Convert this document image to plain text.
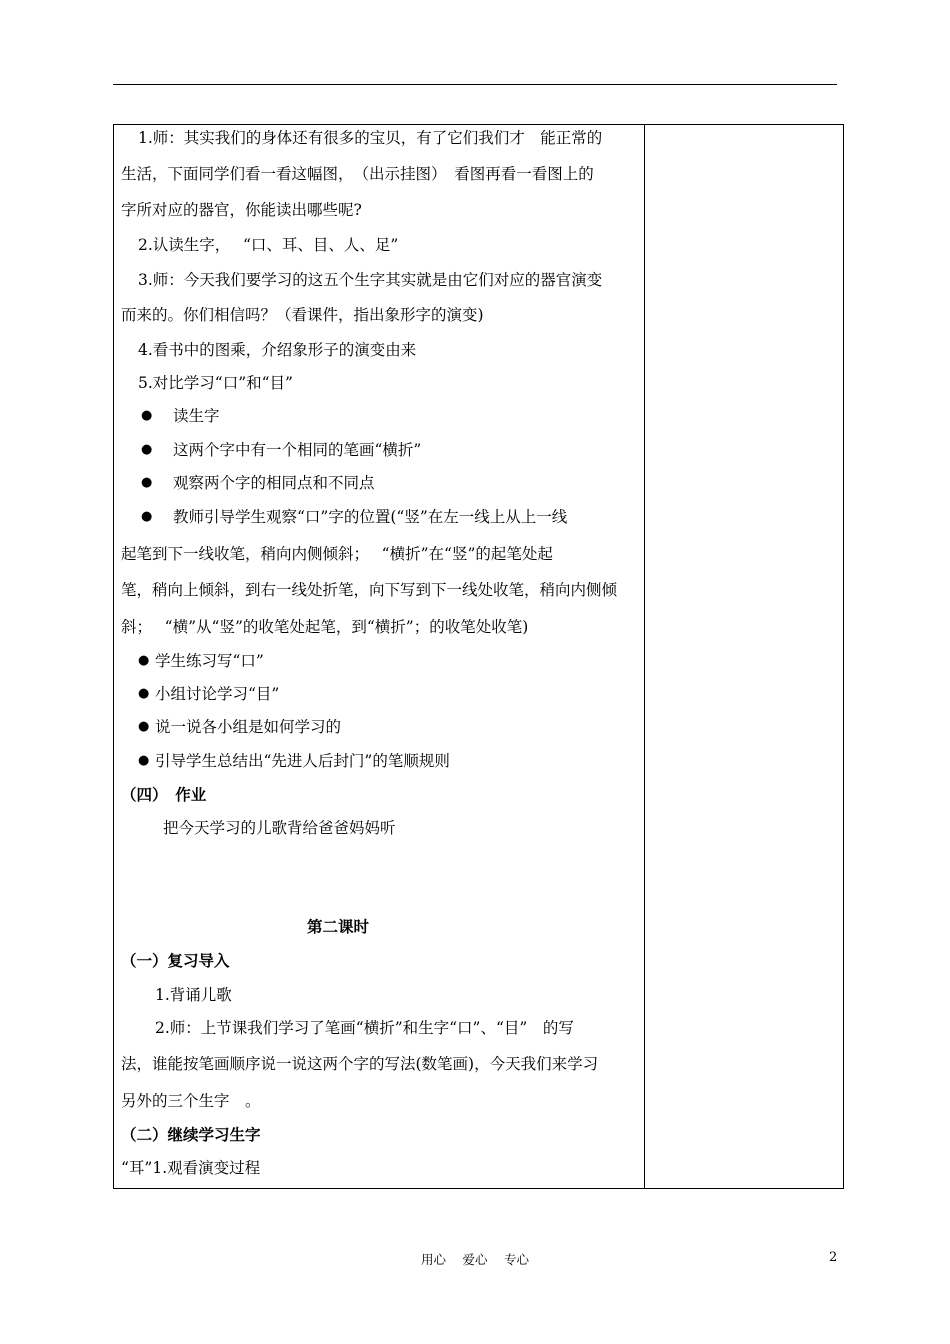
1.师：其实我们的身体还有很多的宝贝，有了它们我们才　能正常的
生活，下面同学们看一看这幅图，　（出示挂图）　看图再看一看图上的
字所对应的器官，你能读出哪些呢?
2.认读生字，　 “口、耳、目、人、足”
3.师：今天我们要学习的这五个生字其实就是由它们对应的器官演变
而来的。你们相信吗？（看课件，指出象形字的演变)
4.看书中的图乘，介绍象形子的演变由来
5.对比学习“口”和“目”
● 读生字
● 这两个字中有一个相同的笔画“横折”
● 观察两个字的相同点和不同点
● 教师引导学生观察“口”字的位置(“竖”在左一线上从上一线
起笔到下一线收笔，稍向内侧倾斜；　 “横折”在“竖”的起笔处起
笔，稍向上倾斜，到右一线处折笔，向下写到下一线处收笔，稍向内侧倾
斜；　 “横”从“竖”的收笔处起笔，到“横折”；的收笔处收笔)
● 学生练习写“口”
● 小组讨论学习“目”
● 说一说各小组是如何学习的
● 引导学生总结出“先进人后封门”的笔顺规则
（四）　作业
把今天学习的儿歌背给爸爸妈妈听
第二课时
（一）复习导入
1.背诵儿歌
2.师：上节课我们学习了笔画“横折”和生字“口”、“目”　的写
法，谁能按笔画顺序说一说这两个字的写法(数笔画)，今天我们来学习
另外的三个生字　。
（二）继续学习生字
“耳”1.观看演变过程
用心　 爱心　 专心	2
